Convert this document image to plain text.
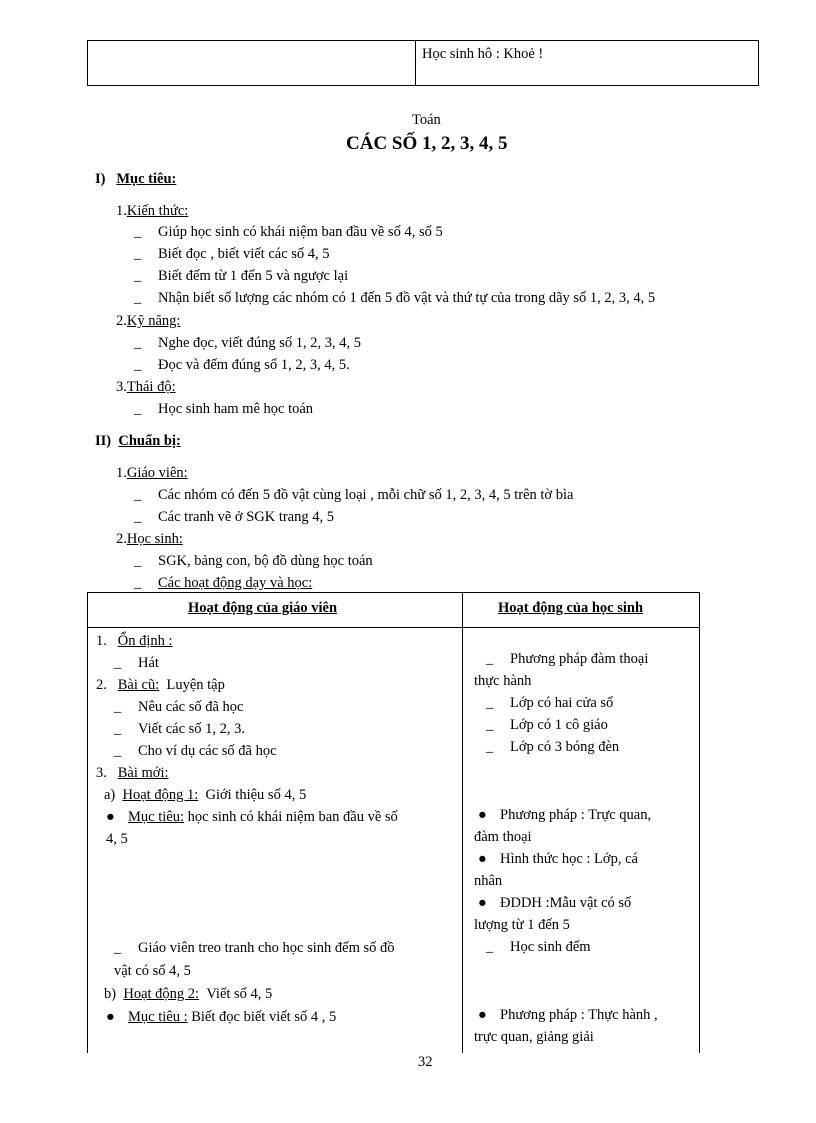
Học sinh hô : Khoẻ !
Toán
CÁC SỐ 1, 2, 3, 4, 5
I) Mục tiêu:
1.Kiến thức:
_ Giúp học sinh có khái niệm ban đầu về số 4, số 5
_ Biết đọc , biết viết các số 4, 5
_ Biết đếm từ 1 đến 5 và ngược lại
_ Nhận biết số lượng các nhóm có 1 đến 5 đồ vật và thứ tự của trong dãy số 1, 2, 3, 4, 5
2.Kỹ năng:
_ Nghe đọc, viết đúng số 1, 2, 3, 4, 5
_ Đọc và đếm đúng số 1, 2, 3, 4, 5.
3.Thái độ:
_ Học sinh ham mê học toán
II) Chuẩn bị:
1.Giáo viên:
_ Các nhóm có đến 5 đồ vật cùng loại , mỗi chữ số 1, 2, 3, 4, 5 trên tờ bìa
_ Các tranh vẽ ở SGK trang 4, 5
2.Học sinh:
_ SGK, bảng con, bộ đồ dùng học toán
_ Các hoạt động dạy và học:
Hoạt động của giáo viên	Hoạt động của học sinh
1. Ổn định :
_ Hát
2. Bài cũ: Luyện tập
_ Nêu các số đã học
_ Viết các số 1, 2, 3.
_ Cho ví dụ các số đã học
3. Bài mới:
a) Hoạt động 1: Giới thiệu số 4, 5
● Mục tiêu: học sinh có khái niệm ban đầu về số
4, 5
_ Giáo viên treo tranh cho học sinh đếm số đồ
vật có số 4, 5
b) Hoạt động 2: Viết số 4, 5
● Mục tiêu : Biết đọc biết viết số 4 , 5
_ Phương pháp đàm thoại
thực hành
_ Lớp có hai cửa sổ
_ Lớp có 1 cô giáo
_ Lớp có 3 bóng đèn
● Phương pháp : Trực quan,
đàm thoại
● Hình thức học : Lớp, cá
nhân
● ĐDDH :Mẫu vật có số
lượng từ 1 đến 5
_ Học sinh đếm
● Phương pháp : Thực hành ,
trực quan, giảng giải
32
